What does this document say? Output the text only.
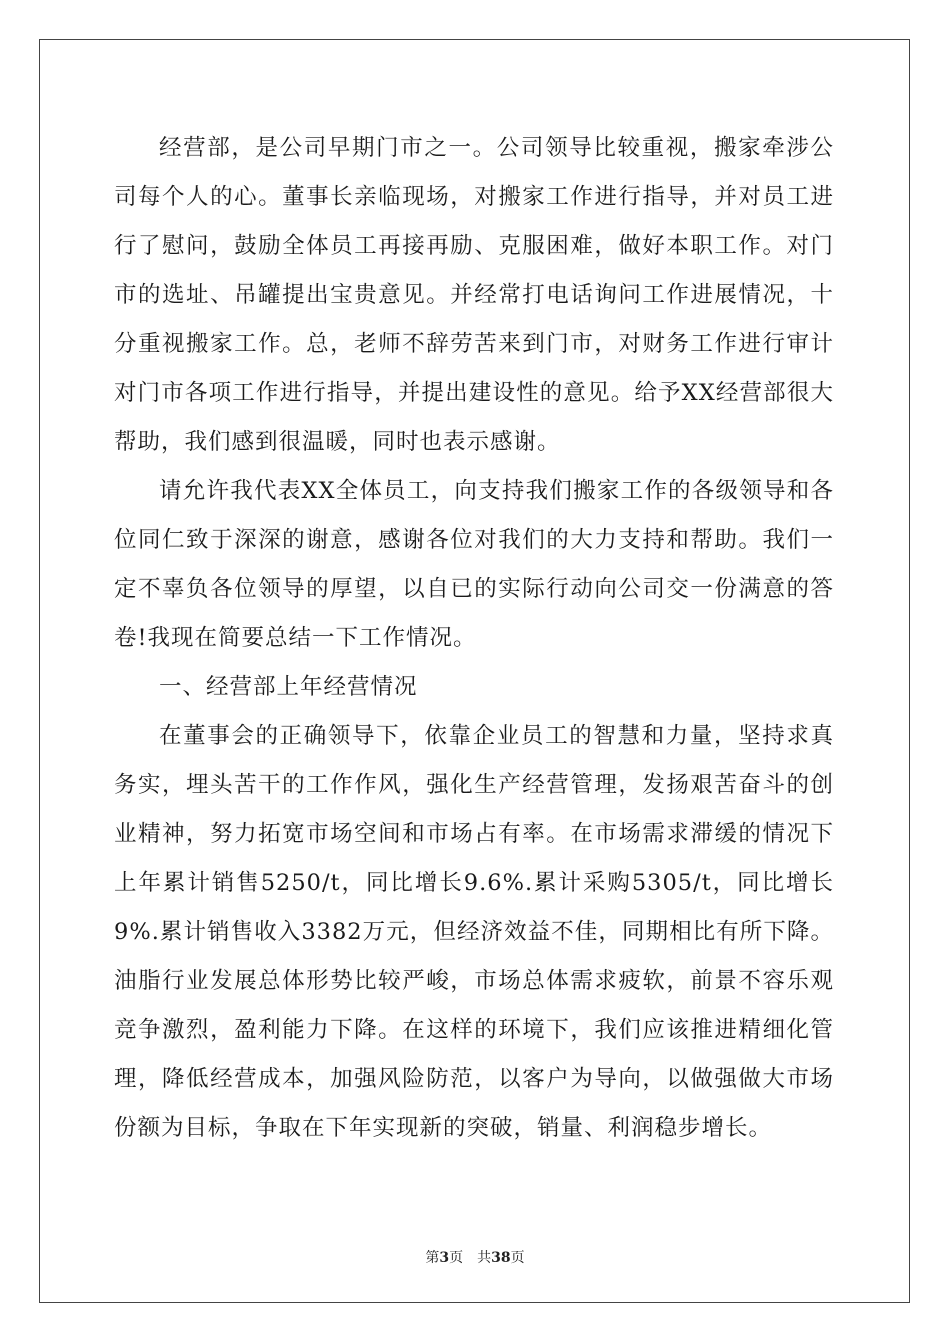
经营部，是公司早期门市之一。公司领导比较重视，搬家牵涉公司每个人的心。董事长亲临现场，对搬家工作进行指导，并对员工进行了慰问，鼓励全体员工再接再励、克服困难，做好本职工作。对门市的选址、吊罐提出宝贵意见。并经常打电话询问工作进展情况，十分重视搬家工作。总，老师不辞劳苦来到门市，对财务工作进行审计对门市各项工作进行指导，并提出建设性的意见。给予XX经营部很大帮助，我们感到很温暖，同时也表示感谢。

请允许我代表XX全体员工，向支持我们搬家工作的各级领导和各位同仁致于深深的谢意，感谢各位对我们的大力支持和帮助。我们一定不辜负各位领导的厚望，以自已的实际行动向公司交一份满意的答卷!我现在简要总结一下工作情况。

一、经营部上年经营情况

在董事会的正确领导下，依靠企业员工的智慧和力量，坚持求真务实，埋头苦干的工作作风，强化生产经营管理，发扬艰苦奋斗的创业精神，努力拓宽市场空间和市场占有率。在市场需求滞缓的情况下上年累计销售5250/t，同比增长9.6%.累计采购5305/t，同比增长9%.累计销售收入3382万元，但经济效益不佳，同期相比有所下降。油脂行业发展总体形势比较严峻，市场总体需求疲软，前景不容乐观竞争激烈，盈利能力下降。在这样的环境下，我们应该推进精细化管理，降低经营成本，加强风险防范，以客户为导向，以做强做大市场份额为目标，争取在下年实现新的突破，销量、利润稳步增长。

第3页 共38页
